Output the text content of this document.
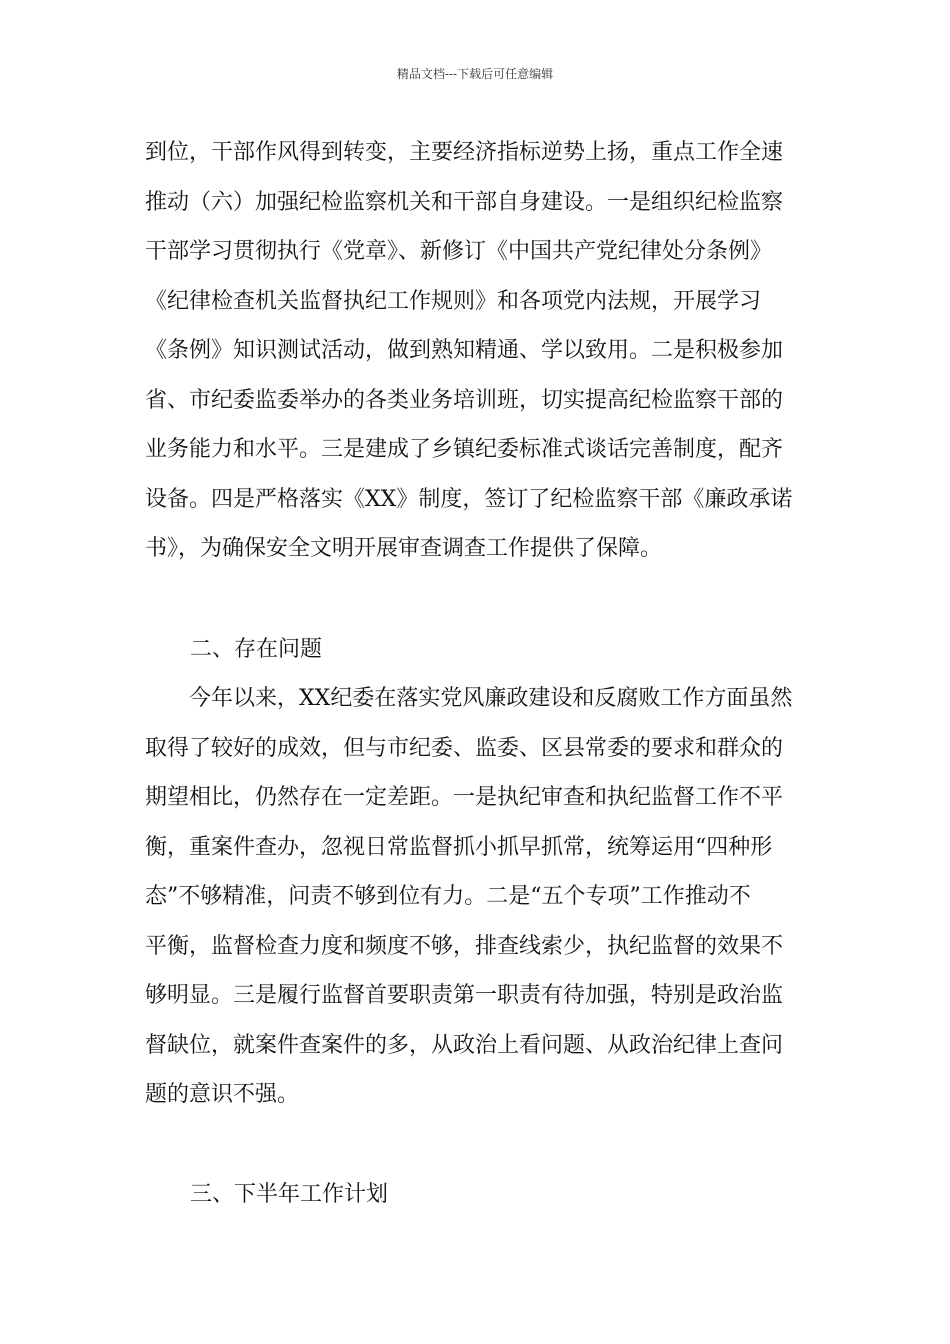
精品文档---下载后可任意编辑
到位，干部作风得到转变，主要经济指标逆势上扬，重点工作全速
推动（六）加强纪检监察机关和干部自身建设。一是组织纪检监察
干部学习贯彻执行《党章》、新修订《中国共产党纪律处分条例》
《纪律检查机关监督执纪工作规则》和各项党内法规，开展学习
《条例》知识测试活动，做到熟知精通、学以致用。二是积极参加
省、市纪委监委举办的各类业务培训班，切实提高纪检监察干部的
业务能力和水平。三是建成了乡镇纪委标准式谈话完善制度，配齐
设备。四是严格落实《XX》制度，签订了纪检监察干部《廉政承诺
书》，为确保安全文明开展审查调查工作提供了保障。
二、存在问题
　　今年以来，XX纪委在落实党风廉政建设和反腐败工作方面虽然
取得了较好的成效，但与市纪委、监委、区县常委的要求和群众的
期望相比，仍然存在一定差距。一是执纪审查和执纪监督工作不平
衡，重案件查办，忽视日常监督抓小抓早抓常，统筹运用“四种形
态”不够精准，问责不够到位有力。二是“五个专项”工作推动不
平衡，监督检查力度和频度不够，排查线索少，执纪监督的效果不
够明显。三是履行监督首要职责第一职责有待加强，特别是政治监
督缺位，就案件查案件的多，从政治上看问题、从政治纪律上查问
题的意识不强。
三、下半年工作计划
